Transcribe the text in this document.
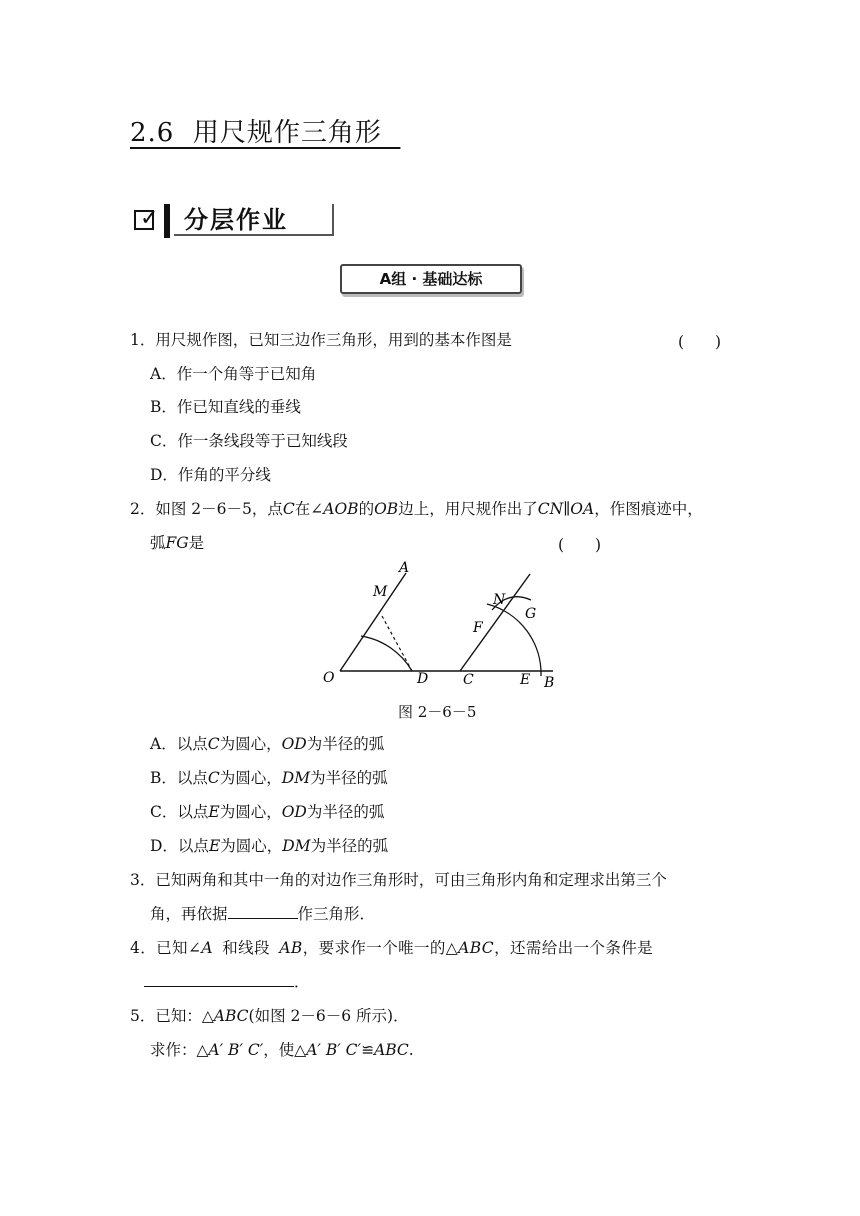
2.6  用尺规作三角形
✓	分层作业
A组 · 基础达标
1．用尺规作图，已知三边作三角形，用到的基本作图是	(　　)
A．作一个角等于已知角
B．作已知直线的垂线
C．作一条线段等于已知线段
D．作角的平分线
2．如图 2－6－5，点C在∠AOB的OB边上，用尺规作出了CN∥OA，作图痕迹中，
弧FG是	(　　)
A
M
O	D
N
G
F
C	E B
图 2－6－5
A．以点C为圆心，OD为半径的弧
B．以点C为圆心，DM为半径的弧
C．以点E为圆心，OD为半径的弧
D．以点E为圆心，DM为半径的弧
3．已知两角和其中一角的对边作三角形时，可由三角形内角和定理求出第三个
角，再依据	作三角形．
4．已知∠A 和线段 AB，要求作一个唯一的△ABC，还需给出一个条件是
．
5．已知：△ABC(如图 2－6－6 所示)．
求作：△A′ B′ C′，使△A′ B′ C′≌ABC.
